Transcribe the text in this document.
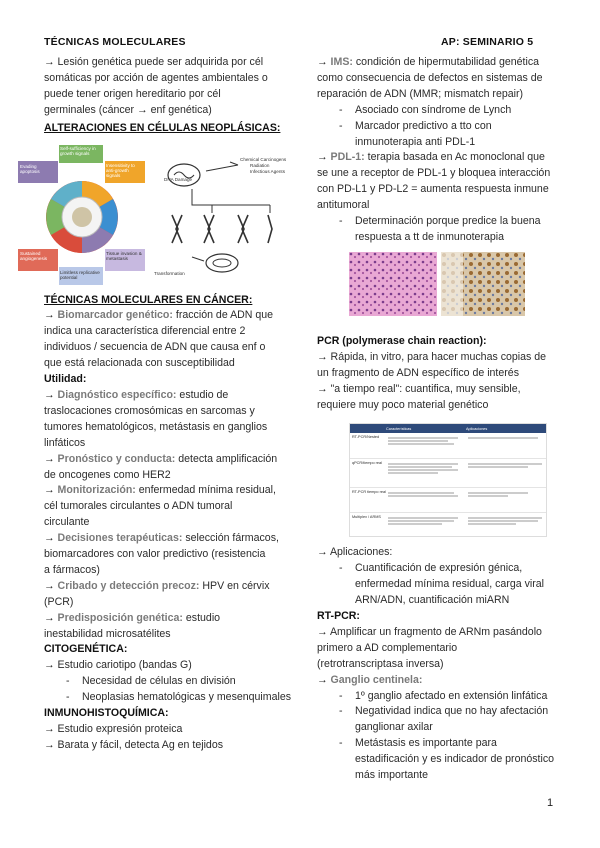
TÉCNICAS MOLECULARES	AP: SEMINARIO 5

→ Lesión genética puede ser adquirida por cél

somáticas por acción de agentes ambientales o

puede tener origen hereditario por cél

germinales (cáncer → enf genética)

ALTERACIONES EN CÉLULAS NEOPLÁSICAS:

Self-sufficiency in growth signals
Insensitivity to anti-growth signals
Evading apoptosis
Tissue invasion & metastasis
Sustained angiogenesis
Limitless replicative potential
Chemical Carcinogens
Radiation
Infectious Agents
DNA Damage
Transformation

TÉCNICAS MOLECULARES EN CÁNCER:

→ Biomarcador genético: fracción de ADN que

indica una característica diferencial entre 2

individuos / secuencia de ADN que causa enf o

que está relacionada con susceptibilidad

Utilidad:

→ Diagnóstico específico: estudio de

traslocaciones cromosómicas en sarcomas y

tumores hematológicos, metástasis en ganglios

linfáticos

→ Pronóstico y conducta: detecta amplificación

de oncogenes como HER2

→ Monitorización: enfermedad mínima residual,

cél tumorales circulantes o ADN tumoral

circulante

→ Decisiones terapéuticas: selección fármacos,

biomarcadores con valor predictivo (resistencia

a fármacos)

→ Cribado y detección precoz: HPV en cérvix

(PCR)

→ Predisposición genética: estudio

inestabilidad microsatélites

CITOGENÉTICA:

→ Estudio cariotipo (bandas G)

- Necesidad de células en división

- Neoplasias hematológicas y mesenquimales

INMUNOHISTOQUÍMICA:

→ Estudio expresión proteica

→ Barata y fácil, detecta Ag en tejidos

→ IMS: condición de hipermutabilidad genética

como consecuencia de defectos en sistemas de

reparación de ADN (MMR; mismatch repair)

- Asociado con síndrome de Lynch

- Marcador predictivo a tto con inmunoterapia anti PDL-1

→ PDL-1: terapia basada en Ac monoclonal que

se une a receptor de PDL-1 y bloquea interacción

con PD-L1 y PD-L2 = aumenta respuesta inmune

antitumoral

- Determinación porque predice la buena respuesta a tt de inmunoterapia

PCR (polymerase chain reaction):

→ Rápida, in vitro, para hacer muchas copias de

un fragmento de ADN específico de interés

→ "a tiempo real": cuantifica, muy sensible,

requiere muy poco material genético

Características	Aplicaciones
RT-PCR/Nested
qPCR/tiempo real
RT-PCR tiempo real
Multiplex / ARMS

→ Aplicaciones:

- Cuantificación de expresión génica, enfermedad mínima residual, carga viral ARN/ADN, cuantificación miARN

RT-PCR:

→ Amplificar un fragmento de ARNm pasándolo

primero a AD complementario

(retrotranscriptasa inversa)

→ Ganglio centinela:

- 1º ganglio afectado en extensión linfática

- Negatividad indica que no hay afectación ganglionar axilar

- Metástasis es importante para estadificación y es indicador de pronóstico más importante

1
